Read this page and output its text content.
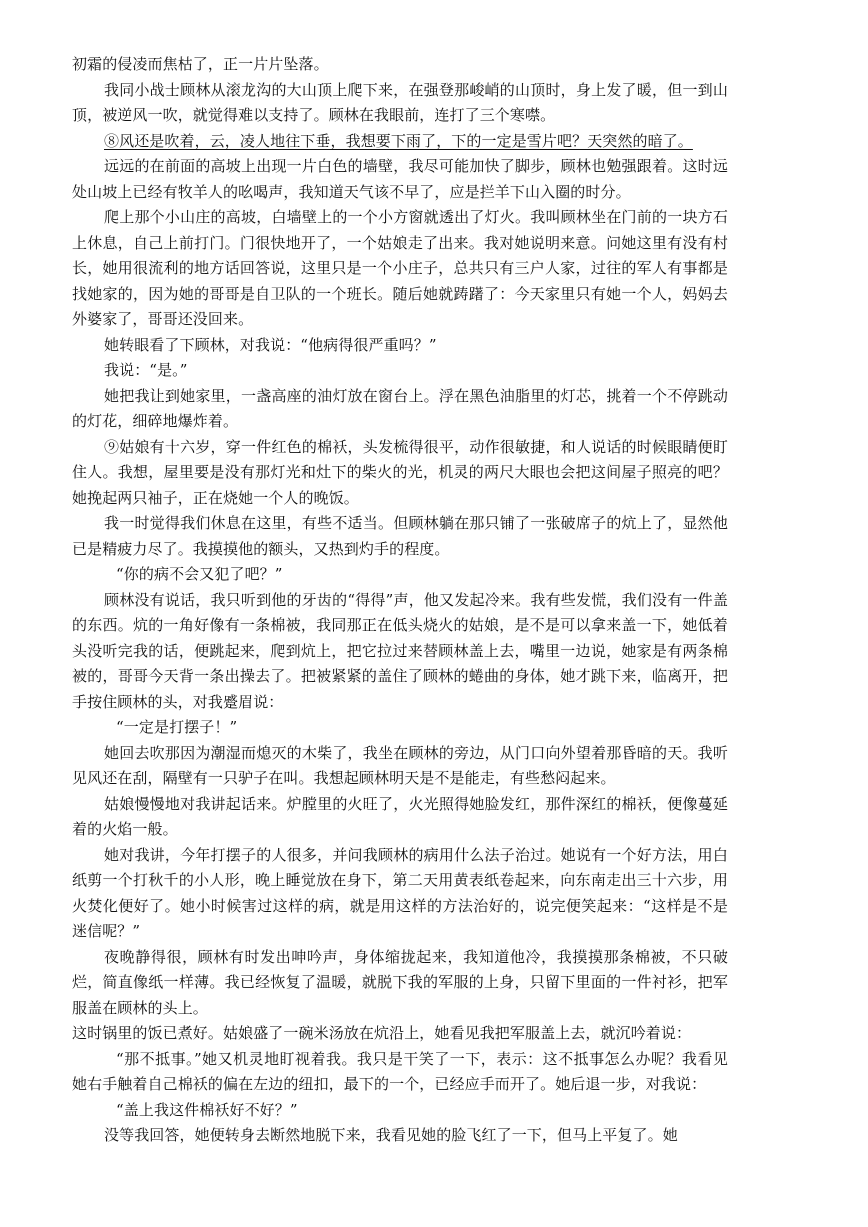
初霜的侵凌而焦枯了，正一片片坠落。

我同小战士顾林从滚龙沟的大山顶上爬下来，在强登那峻峭的山顶时，身上发了暖，但一到山顶，被逆风一吹，就觉得难以支持了。顾林在我眼前，连打了三个寒噤。

⑧风还是吹着，云，凌人地往下垂，我想要下雨了，下的一定是雪片吧？天突然的暗了。

远远的在前面的高坡上出现一片白色的墙壁，我尽可能加快了脚步，顾林也勉强跟着。这时远处山坡上已经有牧羊人的吆喝声，我知道天气该不早了，应是拦羊下山入圈的时分。

爬上那个小山庄的高坡，白墙壁上的一个小方窗就透出了灯火。我叫顾林坐在门前的一块方石上休息，自己上前打门。门很快地开了，一个姑娘走了出来。我对她说明来意。问她这里有没有村长，她用很流利的地方话回答说，这里只是一个小庄子，总共只有三户人家，过往的军人有事都是找她家的，因为她的哥哥是自卫队的一个班长。随后她就踌躇了：今天家里只有她一个人，妈妈去外婆家了，哥哥还没回来。

她转眼看了下顾林，对我说：“他病得很严重吗？”

我说：“是。”

她把我让到她家里，一盏高座的油灯放在窗台上。浮在黑色油脂里的灯芯，挑着一个不停跳动的灯花，细碎地爆炸着。

⑨姑娘有十六岁，穿一件红色的棉袄，头发梳得很平，动作很敏捷，和人说话的时候眼睛便盯住人。我想，屋里要是没有那灯光和灶下的柴火的光，机灵的两尺大眼也会把这间屋子照亮的吧？她挽起两只袖子，正在烧她一个人的晚饭。

我一时觉得我们休息在这里，有些不适当。但顾林躺在那只铺了一张破席子的炕上了，显然他已是精疲力尽了。我摸摸他的额头，又热到灼手的程度。

“你的病不会又犯了吧？”

顾林没有说话，我只听到他的牙齿的“得得”声，他又发起冷来。我有些发慌，我们没有一件盖的东西。炕的一角好像有一条棉被，我同那正在低头烧火的姑娘，是不是可以拿来盖一下，她低着头没听完我的话，便跳起来，爬到炕上，把它拉过来替顾林盖上去，嘴里一边说，她家是有两条棉被的，哥哥今天背一条出操去了。把被紧紧的盖住了顾林的蜷曲的身体，她才跳下来，临离开，把手按住顾林的头，对我蹙眉说：

“一定是打摆子！”

她回去吹那因为潮湿而熄灭的木柴了，我坐在顾林的旁边，从门口向外望着那昏暗的天。我听见风还在刮，隔壁有一只驴子在叫。我想起顾林明天是不是能走，有些愁闷起来。

姑娘慢慢地对我讲起话来。炉膛里的火旺了，火光照得她脸发红，那件深红的棉袄，便像蔓延着的火焰一般。

她对我讲，今年打摆子的人很多，并问我顾林的病用什么法子治过。她说有一个好方法，用白纸剪一个打秋千的小人形，晚上睡觉放在身下，第二天用黄表纸卷起来，向东南走出三十六步，用火焚化便好了。她小时候害过这样的病，就是用这样的方法治好的，说完便笑起来：“这样是不是迷信呢？”

夜晚静得很，顾林有时发出呻吟声，身体缩拢起来，我知道他冷，我摸摸那条棉被，不只破烂，简直像纸一样薄。我已经恢复了温暖，就脱下我的军服的上身，只留下里面的一件衬衫，把军服盖在顾林的头上。

这时锅里的饭已煮好。姑娘盛了一碗米汤放在炕沿上，她看见我把军服盖上去，就沉吟着说：

“那不抵事。”她又机灵地盯视着我。我只是干笑了一下，表示：这不抵事怎么办呢？我看见她右手触着自己棉袄的偏在左边的纽扣，最下的一个，已经应手而开了。她后退一步，对我说：

“盖上我这件棉袄好不好？”

没等我回答，她便转身去断然地脱下来，我看见她的脸飞红了一下，但马上平复了。她
